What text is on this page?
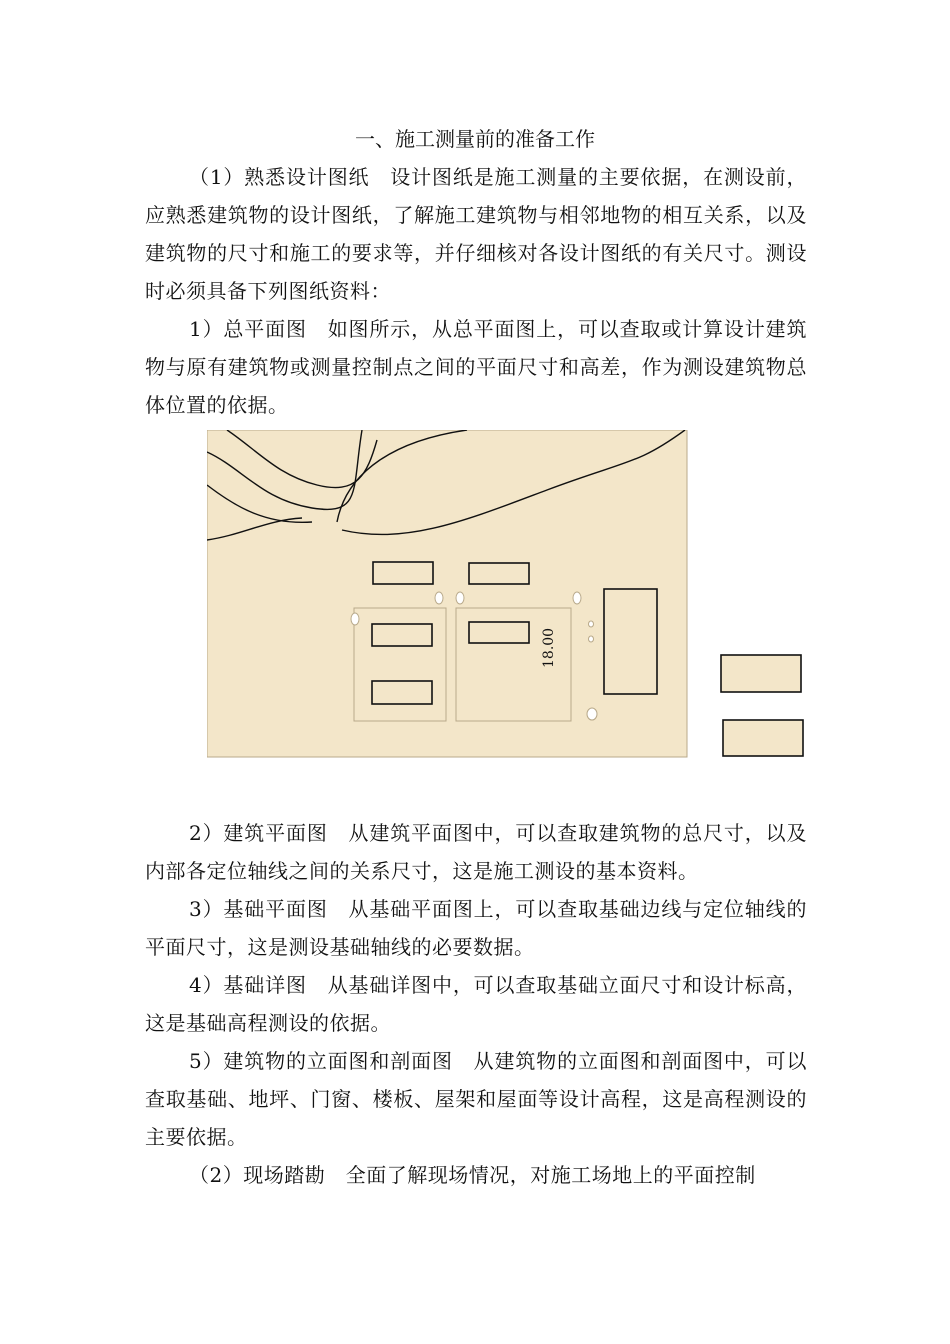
一、施工测量前的准备工作

（1）熟悉设计图纸　设计图纸是施工测量的主要依据，在测设前，应熟悉建筑物的设计图纸，了解施工建筑物与相邻地物的相互关系，以及建筑物的尺寸和施工的要求等，并仔细核对各设计图纸的有关尺寸。测设时必须具备下列图纸资料：

1）总平面图　如图所示，从总平面图上，可以查取或计算设计建筑物与原有建筑物或测量控制点之间的平面尺寸和高差，作为测设建筑物总体位置的依据。

18.00

2）建筑平面图　从建筑平面图中，可以查取建筑物的总尺寸，以及内部各定位轴线之间的关系尺寸，这是施工测设的基本资料。

3）基础平面图　从基础平面图上，可以查取基础边线与定位轴线的平面尺寸，这是测设基础轴线的必要数据。

4）基础详图　从基础详图中，可以查取基础立面尺寸和设计标高，这是基础高程测设的依据。

5）建筑物的立面图和剖面图　从建筑物的立面图和剖面图中，可以查取基础、地坪、门窗、楼板、屋架和屋面等设计高程，这是高程测设的主要依据。

（2）现场踏勘　全面了解现场情况，对施工场地上的平面控制
